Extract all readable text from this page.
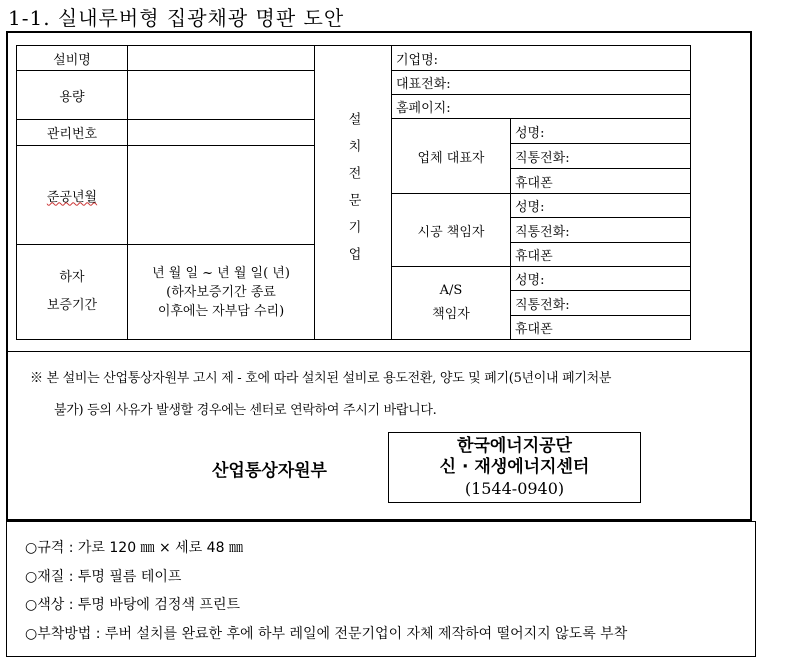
1-1. 실내루버형 집광채광 명판 도안
설비명
용량
관리번호
준공년월
하자
보증기간
년 월 일 ~ 년 월 일( 년)
(하자보증기간 종료
이후에는 자부담 수리)
설치전문기업
기업명:
대표전화:
홈페이지:
업체 대표자
성명:
직통전화:
휴대폰
시공 책임자
성명:
직통전화:
휴대폰
A/S
책임자
성명:
직통전화:
휴대폰
※ 본 설비는 산업통상자원부 고시 제 - 호에 따라 설치된 설비로 용도전환, 양도 및 폐기(5년이내 폐기처분
불가) 등의 사유가 발생할 경우에는 센터로 연락하여 주시기 바랍니다.
산업통상자원부
한국에너지공단
신 · 재생에너지센터
(1544-0940)
○규격 : 가로 120 ㎜ × 세로 48 ㎜
○재질 : 투명 필름 테이프
○색상 : 투명 바탕에 검정색 프린트
○부착방법 : 루버 설치를 완료한 후에 하부 레일에 전문기업이 자체 제작하여 떨어지지 않도록 부착
